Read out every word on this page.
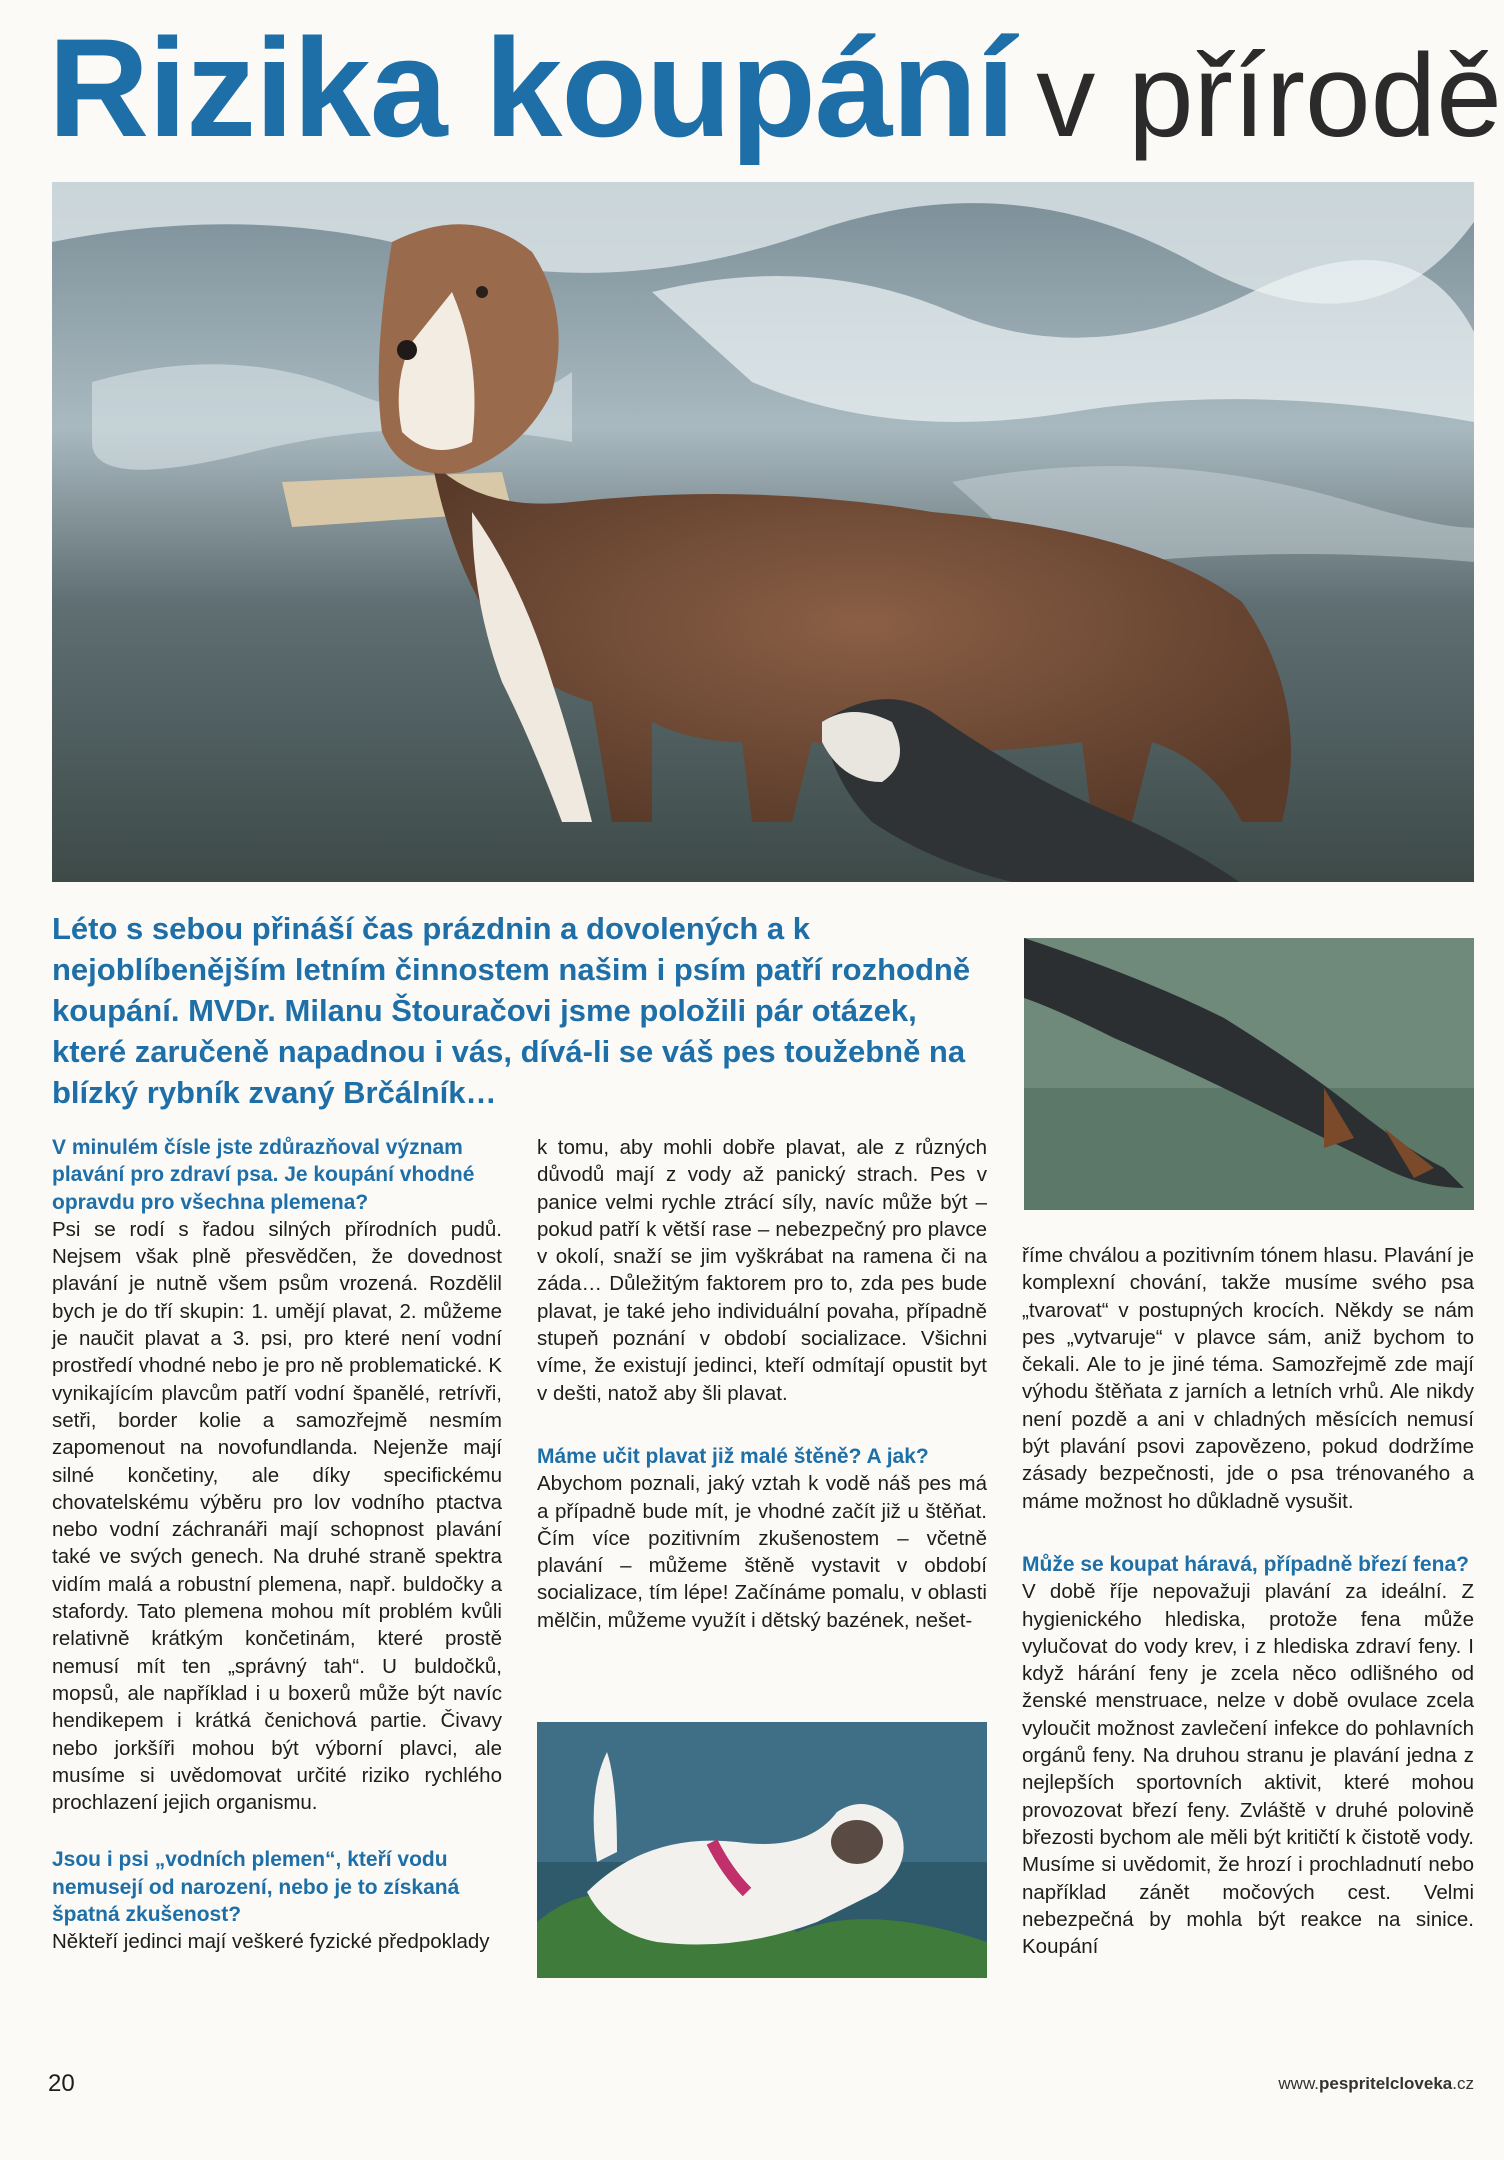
Rizika koupání v přírodě

Léto s sebou přináší čas prázdnin a dovolených a k nejoblíbenějším letním činnostem našim i psím patří rozhodně koupání. MVDr. Milanu Štouračovi jsme položili pár otázek, které zaručeně napadnou i vás, dívá-li se váš pes toužebně na blízký rybník zvaný Brčálník…

V minulém čísle jste zdůrazňoval význam plavání pro zdraví psa. Je koupání vhodné opravdu pro všechna plemena?

Psi se rodí s řadou silných přírodních pudů. Nejsem však plně přesvědčen, že dovednost plavání je nutně všem psům vrozená. Rozdělil bych je do tří skupin: 1. umějí plavat, 2. můžeme je naučit plavat a 3. psi, pro které není vodní prostředí vhodné nebo je pro ně problematické. K vynikajícím plavcům patří vodní španělé, retrívři, setři, border kolie a samozřejmě nesmím zapomenout na novofundlanda. Nejenže mají silné končetiny, ale díky specifickému chovatelskému výběru pro lov vodního ptactva nebo vodní záchranáři mají schopnost plavání také ve svých genech. Na druhé straně spektra vidím malá a robustní plemena, např. buldočky a stafordy. Tato plemena mohou mít problém kvůli relativně krátkým končetinám, které prostě nemusí mít ten „správný tah“. U buldočků, mopsů, ale například i u boxerů může být navíc hendikepem i krátká čenichová partie. Čivavy nebo jorkšíři mohou být výborní plavci, ale musíme si uvědomovat určité riziko rychlého prochlazení jejich organismu.

Jsou i psi „vodních plemen“, kteří vodu nemusejí od narození, nebo je to získaná špatná zkušenost?

Někteří jedinci mají veškeré fyzické předpoklady

k tomu, aby mohli dobře plavat, ale z různých důvodů mají z vody až panický strach. Pes v panice velmi rychle ztrácí síly, navíc může být – pokud patří k větší rase – nebezpečný pro plavce v okolí, snaží se jim vyškrábat na ramena či na záda… Důležitým faktorem pro to, zda pes bude plavat, je také jeho individuální povaha, případně stupeň poznání v období socializace. Všichni víme, že existují jedinci, kteří odmítají opustit byt v dešti, natož aby šli plavat.

Máme učit plavat již malé štěně? A jak?

Abychom poznali, jaký vztah k vodě náš pes má a případně bude mít, je vhodné začít již u štěňat. Čím více pozitivním zkušenostem – včetně plavání – můžeme štěně vystavit v období socializace, tím lépe! Začínáme pomalu, v oblasti mělčin, můžeme využít i dětský bazének, nešet-

říme chválou a pozitivním tónem hlasu. Plavání je komplexní chování, takže musíme svého psa „tvarovat“ v postupných krocích. Někdy se nám pes „vytvaruje“ v plavce sám, aniž bychom to čekali. Ale to je jiné téma. Samozřejmě zde mají výhodu štěňata z jarních a letních vrhů. Ale nikdy není pozdě a ani v chladných měsících nemusí být plavání psovi zapovězeno, pokud dodržíme zásady bezpečnosti, jde o psa trénovaného a máme možnost ho důkladně vysušit.

Může se koupat háravá, případně březí fena?

V době říje nepovažuji plavání za ideální. Z hygienického hlediska, protože fena může vylučovat do vody krev, i z hlediska zdraví feny. I když hárání feny je zcela něco odlišného od ženské menstruace, nelze v době ovulace zcela vyloučit možnost zavlečení infekce do pohlavních orgánů feny. Na druhou stranu je plavání jedna z nejlepších sportovních aktivit, které mohou provozovat březí feny. Zvláště v druhé polovině březosti bychom ale měli být kritičtí k čistotě vody. Musíme si uvědomit, že hrozí i prochladnutí nebo například zánět močových cest. Velmi nebezpečná by mohla být reakce na sinice. Koupání

20	www.pespritelcloveka.cz
